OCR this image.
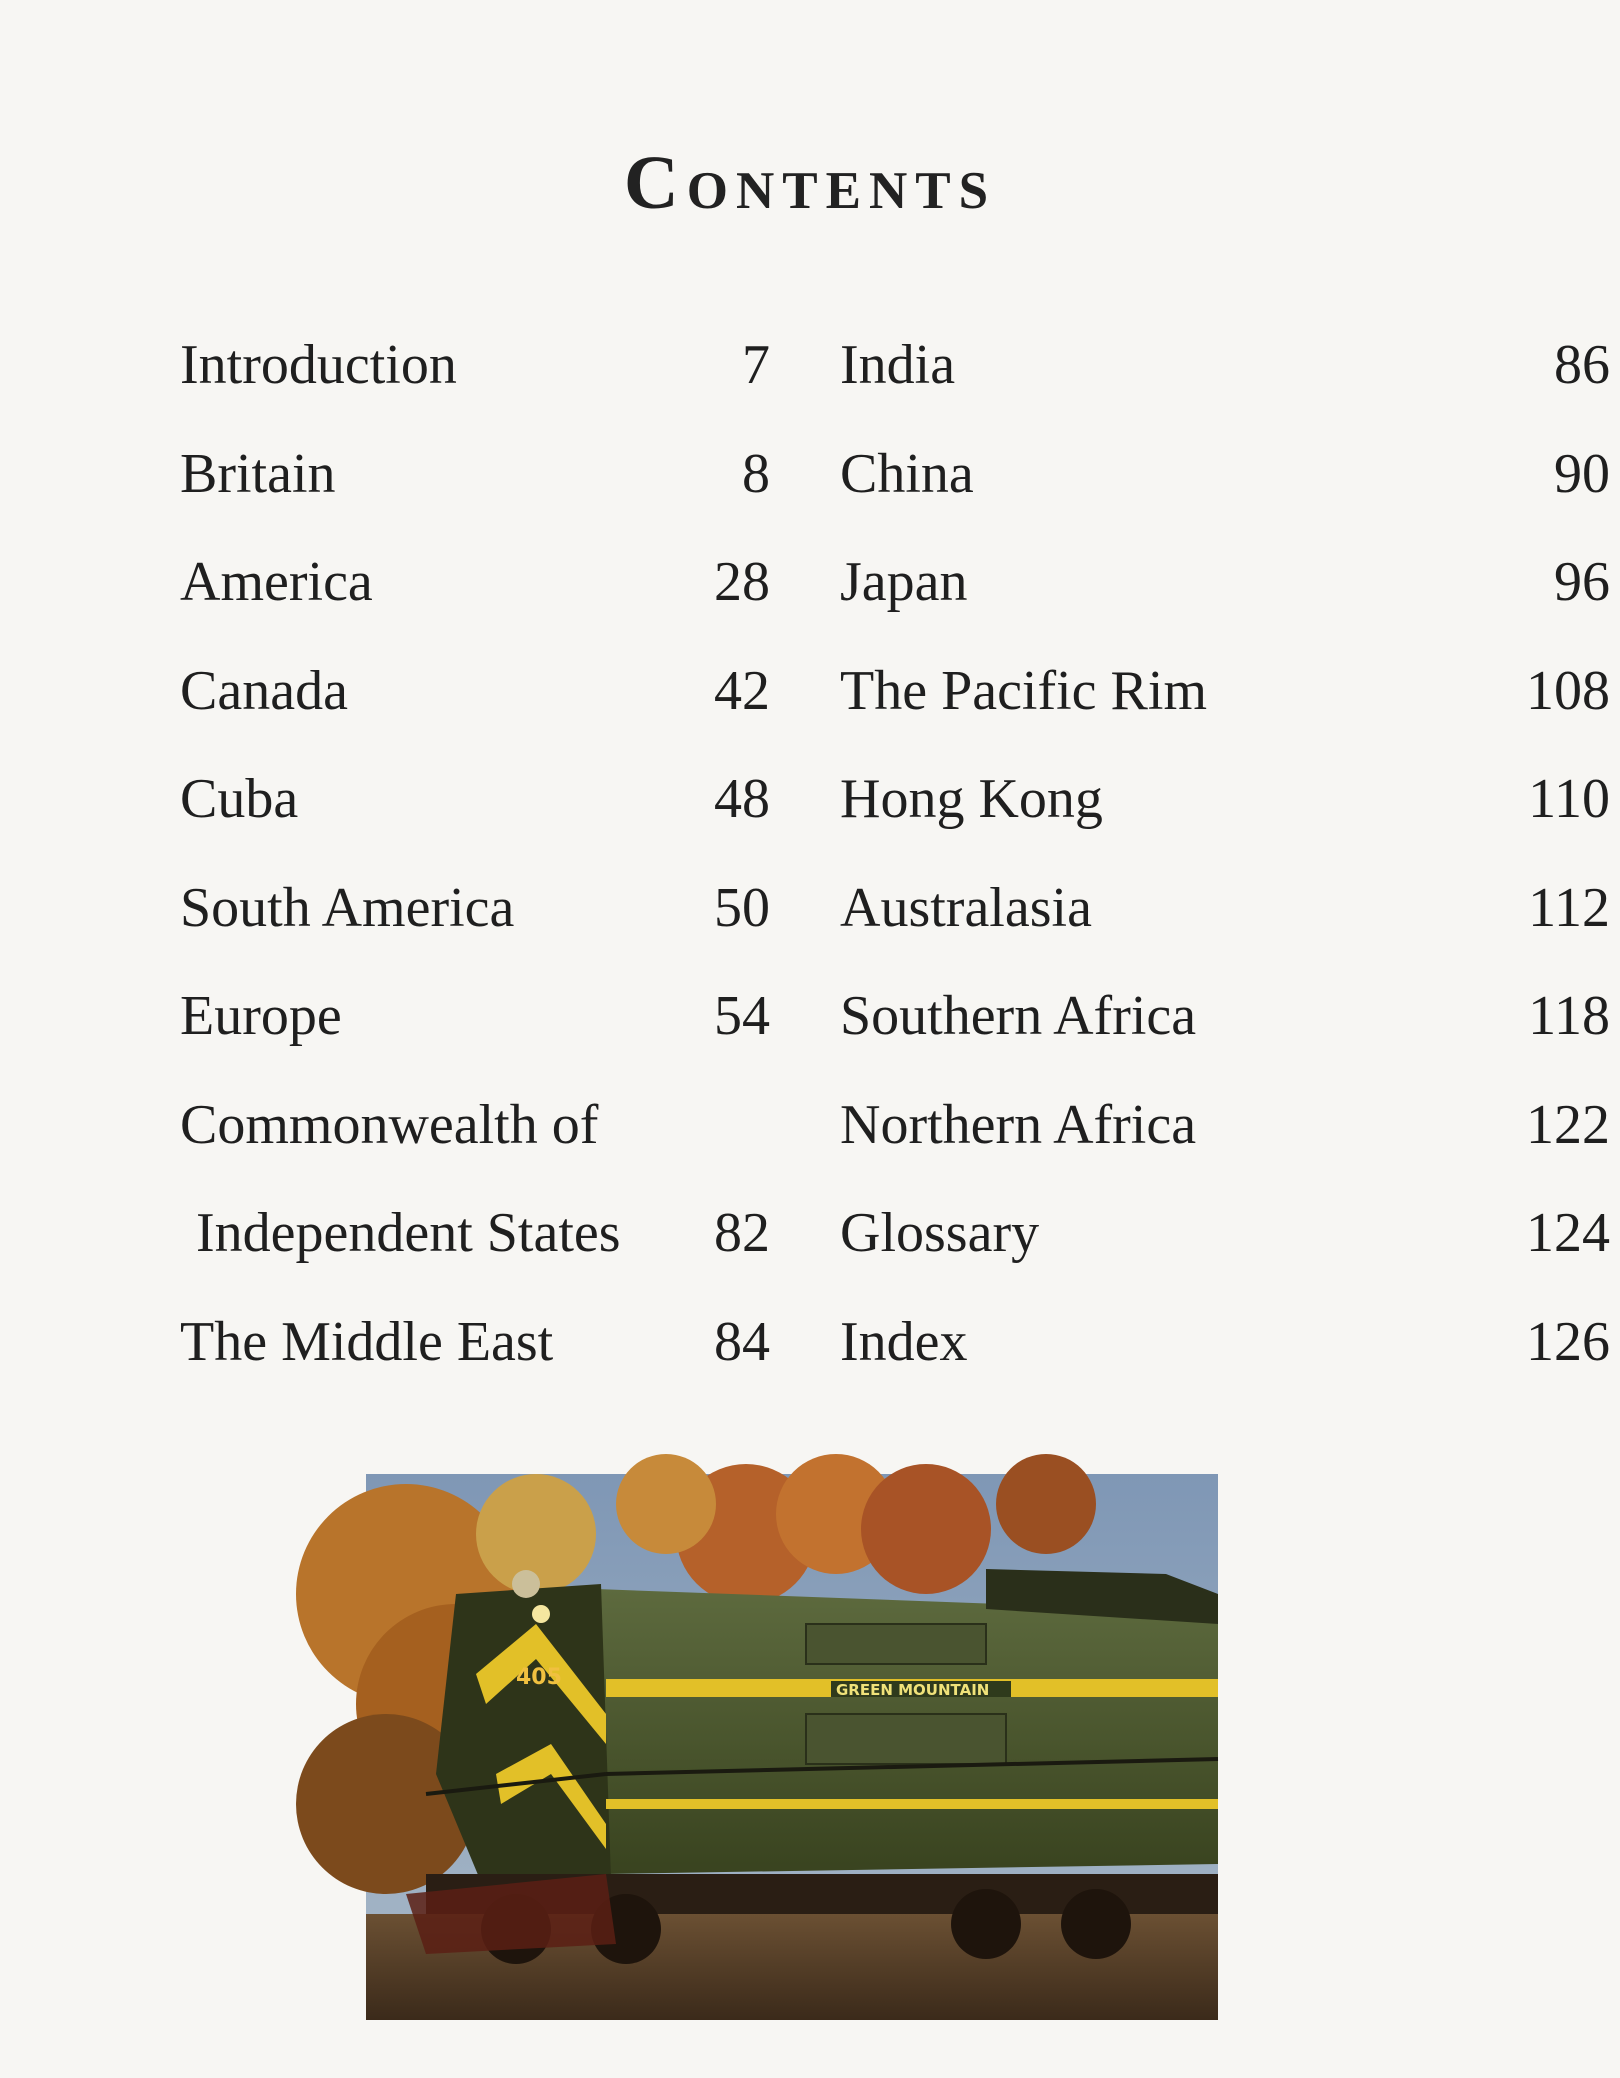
Contents
Introduction	7
Britain	8
America	28
Canada	42
Cuba	48
South America	50
Europe	54
Commonwealth of
Independent States 82
The Middle East	84
India	86
China	90
Japan	96
The Pacific Rim	108
Hong Kong	110
Australasia	112
Southern Africa	118
Northern Africa	122
Glossary	124
Index	126
GREEN MOUNTAIN
405
